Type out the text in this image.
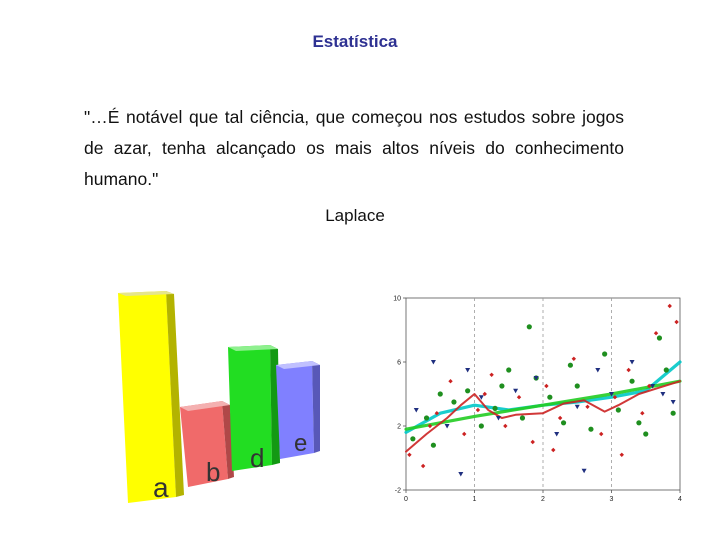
Estatística
"…É notável que tal ciência, que começou nos estudos sobre jogos de azar, tenha alcançado os mais altos níveis do conhecimento humano."
Laplace
a b d e
0	1	2	3	4
10
6
2
-2
